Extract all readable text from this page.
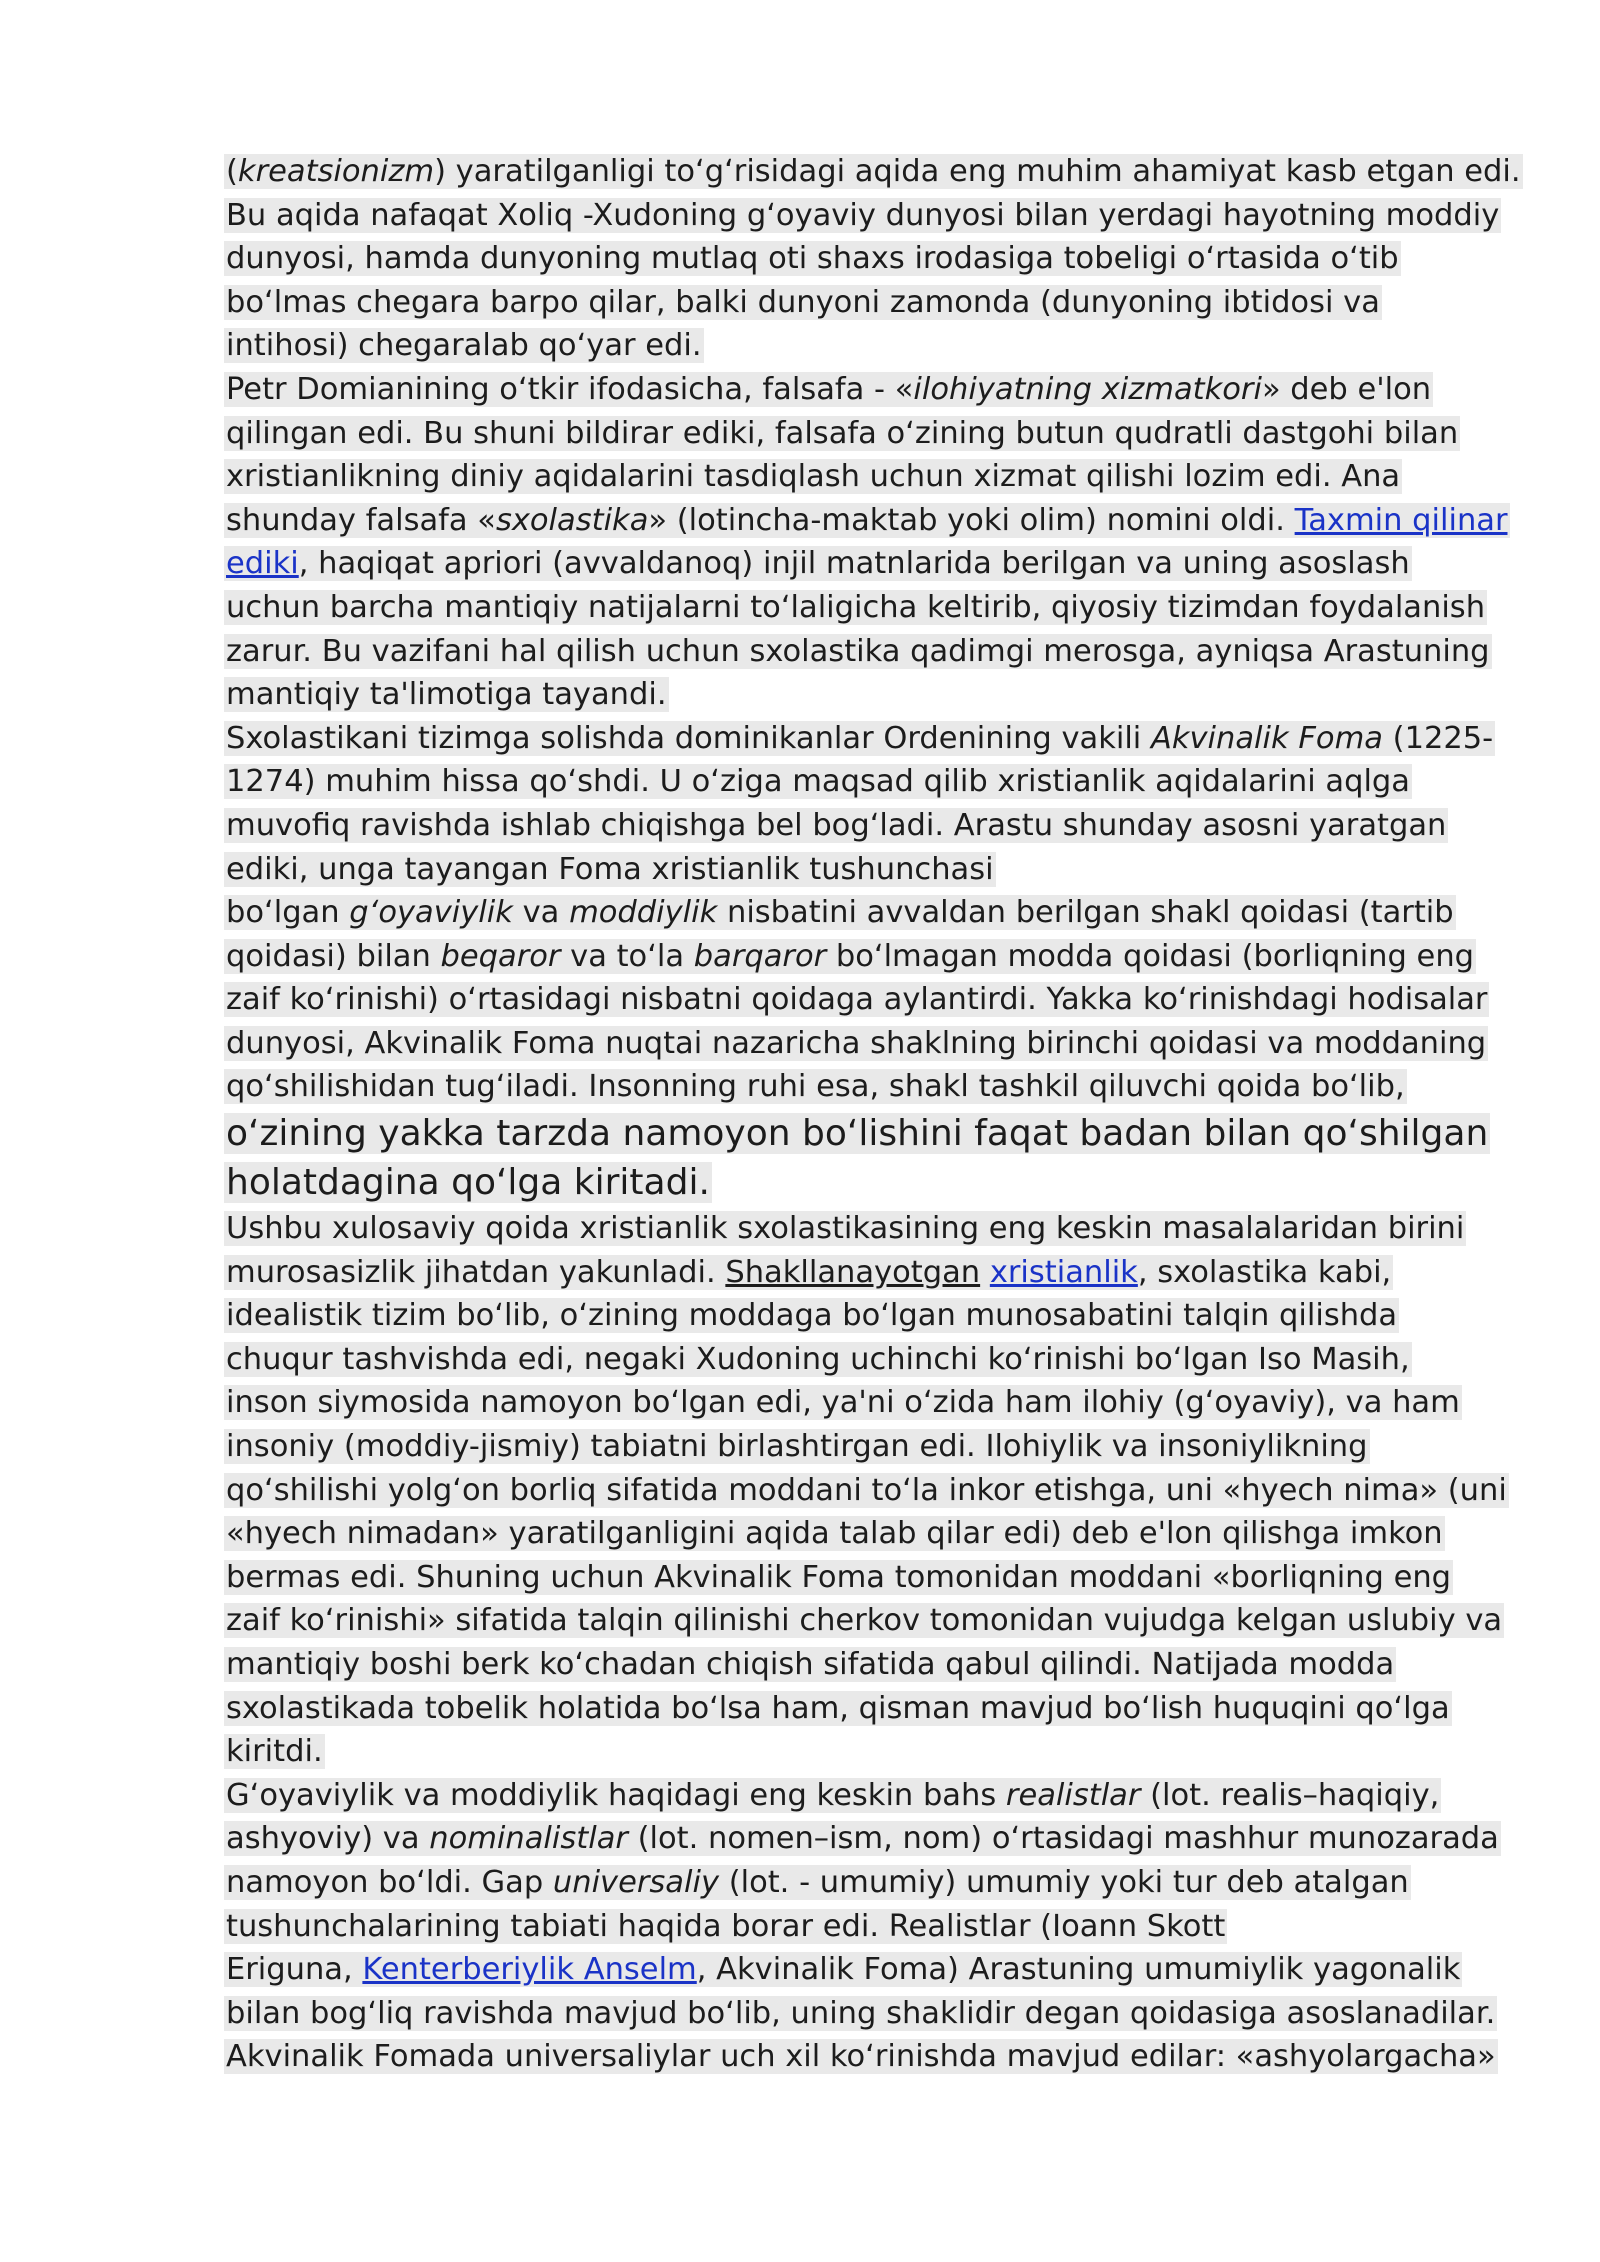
(kreatsionizm) yaratilganligi to‘g‘risidagi aqida eng muhim ahamiyat kasb etgan edi.
Bu aqida nafaqat Xoliq -Xudoning g‘oyaviy dunyosi bilan yerdagi hayotning moddiy
dunyosi, hamda dunyoning mutlaq oti shaxs irodasiga tobeligi o‘rtasida o‘tib
bo‘lmas chegara barpo qilar, balki dunyoni zamonda (dunyoning ibtidosi va
intihosi) chegaralab qo‘yar edi.
Petr Domianining o‘tkir ifodasicha, falsafa - «ilohiyatning xizmatkori» deb e'lon
qilingan edi. Bu shuni bildirar ediki, falsafa o‘zining butun qudratli dastgohi bilan
xristianlikning diniy aqidalarini tasdiqlash uchun xizmat qilishi lozim edi. Ana
shunday falsafa «sxolastika» (lotincha-maktab yoki olim) nomini oldi. Taxmin qilinar
ediki, haqiqat apriori (avvaldanoq) injil matnlarida berilgan va uning asoslash
uchun barcha mantiqiy natijalarni to‘laligicha keltirib, qiyosiy tizimdan foydalanish
zarur. Bu vazifani hal qilish uchun sxolastika qadimgi merosga, ayniqsa Arastuning
mantiqiy ta'limotiga tayandi.
Sxolastikani tizimga solishda dominikanlar Ordenining vakili Akvinalik Foma (1225-
1274) muhim hissa qo‘shdi. U o‘ziga maqsad qilib xristianlik aqidalarini aqlga
muvofiq ravishda ishlab chiqishga bel bog‘ladi. Arastu shunday asosni yaratgan
ediki, unga tayangan Foma xristianlik tushunchasi
bo‘lgan g‘oyaviylik va moddiylik nisbatini avvaldan berilgan shakl qoidasi (tartib
qoidasi) bilan beqaror va to‘la barqaror bo‘lmagan modda qoidasi (borliqning eng
zaif ko‘rinishi) o‘rtasidagi nisbatni qoidaga aylantirdi. Yakka ko‘rinishdagi hodisalar
dunyosi, Akvinalik Foma nuqtai nazaricha shaklning birinchi qoidasi va moddaning
qo‘shilishidan tug‘iladi. Insonning ruhi esa, shakl tashkil qiluvchi qoida bo‘lib,
o‘zining yakka tarzda namoyon bo‘lishini faqat badan bilan qo‘shilgan
holatdagina qo‘lga kiritadi.
Ushbu xulosaviy qoida xristianlik sxolastikasining eng keskin masalalaridan birini
murosasizlik jihatdan yakunladi. Shakllanayotgan xristianlik, sxolastika kabi,
idealistik tizim bo‘lib, o‘zining moddaga bo‘lgan munosabatini talqin qilishda
chuqur tashvishda edi, negaki Xudoning uchinchi ko‘rinishi bo‘lgan Iso Masih,
inson siymosida namoyon bo‘lgan edi, ya'ni o‘zida ham ilohiy (g‘oyaviy), va ham
insoniy (moddiy-jismiy) tabiatni birlashtirgan edi. Ilohiylik va insoniylikning
qo‘shilishi yolg‘on borliq sifatida moddani to‘la inkor etishga, uni «hyech nima» (uni
«hyech nimadan» yaratilganligini aqida talab qilar edi) deb e'lon qilishga imkon
bermas edi. Shuning uchun Akvinalik Foma tomonidan moddani «borliqning eng
zaif ko‘rinishi» sifatida talqin qilinishi cherkov tomonidan vujudga kelgan uslubiy va
mantiqiy boshi berk ko‘chadan chiqish sifatida qabul qilindi. Natijada modda
sxolastikada tobelik holatida bo‘lsa ham, qisman mavjud bo‘lish huquqini qo‘lga
kiritdi.
G‘oyaviylik va moddiylik haqidagi eng keskin bahs realistlar (lot. realis–haqiqiy,
ashyoviy) va nominalistlar (lot. nomen–ism, nom) o‘rtasidagi mashhur munozarada
namoyon bo‘ldi. Gap universaliy (lot. - umumiy) umumiy yoki tur deb atalgan
tushunchalarining tabiati haqida borar edi. Realistlar (Ioann Skott
Eriguna, Kenterberiylik Anselm, Akvinalik Foma) Arastuning umumiylik yagonalik
bilan bog‘liq ravishda mavjud bo‘lib, uning shaklidir degan qoidasiga asoslanadilar.
Akvinalik Fomada universaliylar uch xil ko‘rinishda mavjud edilar: «ashyolargacha»
